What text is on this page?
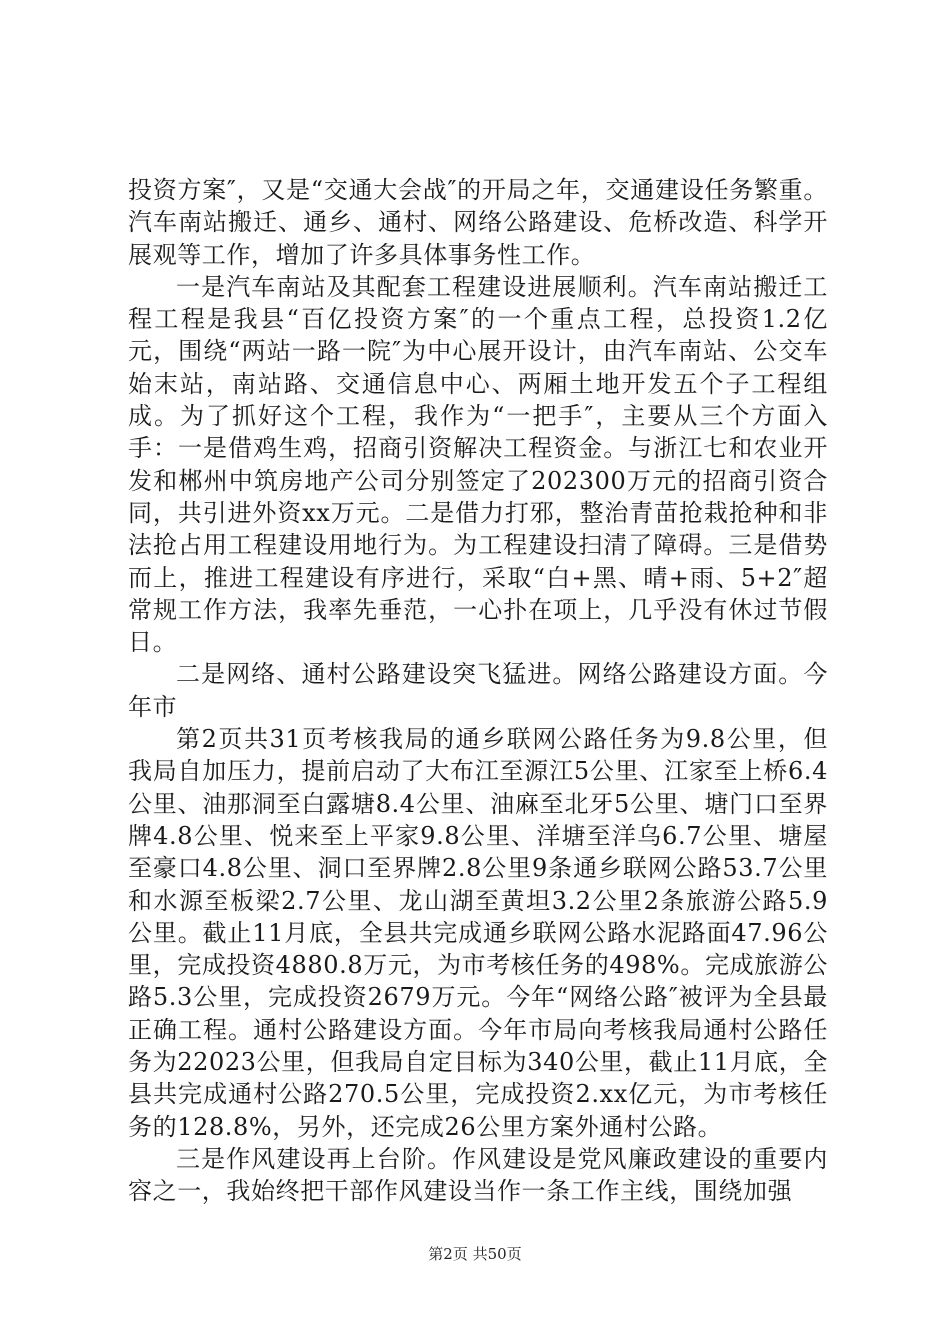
投资方案″，又是“交通大会战″的开局之年，交通建设任务繁重。汽车南站搬迁、通乡、通村、网络公路建设、危桥改造、科学开展观等工作，增加了许多具体事务性工作。

一是汽车南站及其配套工程建设进展顺利。汽车南站搬迁工程工程是我县“百亿投资方案″的一个重点工程，总投资1.2亿元，围绕“两站一路一院″为中心展开设计，由汽车南站、公交车始末站，南站路、交通信息中心、两厢土地开发五个子工程组成。为了抓好这个工程，我作为“一把手″，主要从三个方面入手：一是借鸡生鸡，招商引资解决工程资金。与浙江七和农业开发和郴州中筑房地产公司分别签定了202300万元的招商引资合同，共引进外资xx万元。二是借力打邪，整治青苗抢栽抢种和非法抢占用工程建设用地行为。为工程建设扫清了障碍。三是借势而上，推进工程建设有序进行，采取“白+黑、晴+雨、5+2″超常规工作方法，我率先垂范，一心扑在项上，几乎没有休过节假日。

二是网络、通村公路建设突飞猛进。网络公路建设方面。今年市

第2页共31页考核我局的通乡联网公路任务为9.8公里，但我局自加压力，提前启动了大布江至源江5公里、江家至上桥6.4公里、油那洞至白露塘8.4公里、油麻至北牙5公里、塘门口至界牌4.8公里、悦来至上平家9.8公里、洋塘至洋乌6.7公里、塘屋至豪口4.8公里、洞口至界牌2.8公里9条通乡联网公路53.7公里和水源至板梁2.7公里、龙山湖至黄坦3.2公里2条旅游公路5.9公里。截止11月底，全县共完成通乡联网公路水泥路面47.96公里，完成投资4880.8万元，为市考核任务的498%。完成旅游公路5.3公里，完成投资2679万元。今年“网络公路″被评为全县最正确工程。通村公路建设方面。今年市局向考核我局通村公路任务为22023公里，但我局自定目标为340公里，截止11月底，全县共完成通村公路270.5公里，完成投资2.xx亿元，为市考核任务的128.8%，另外，还完成26公里方案外通村公路。

三是作风建设再上台阶。作风建设是党风廉政建设的重要内容之一，我始终把干部作风建设当作一条工作主线，围绕加强

第2页 共50页
